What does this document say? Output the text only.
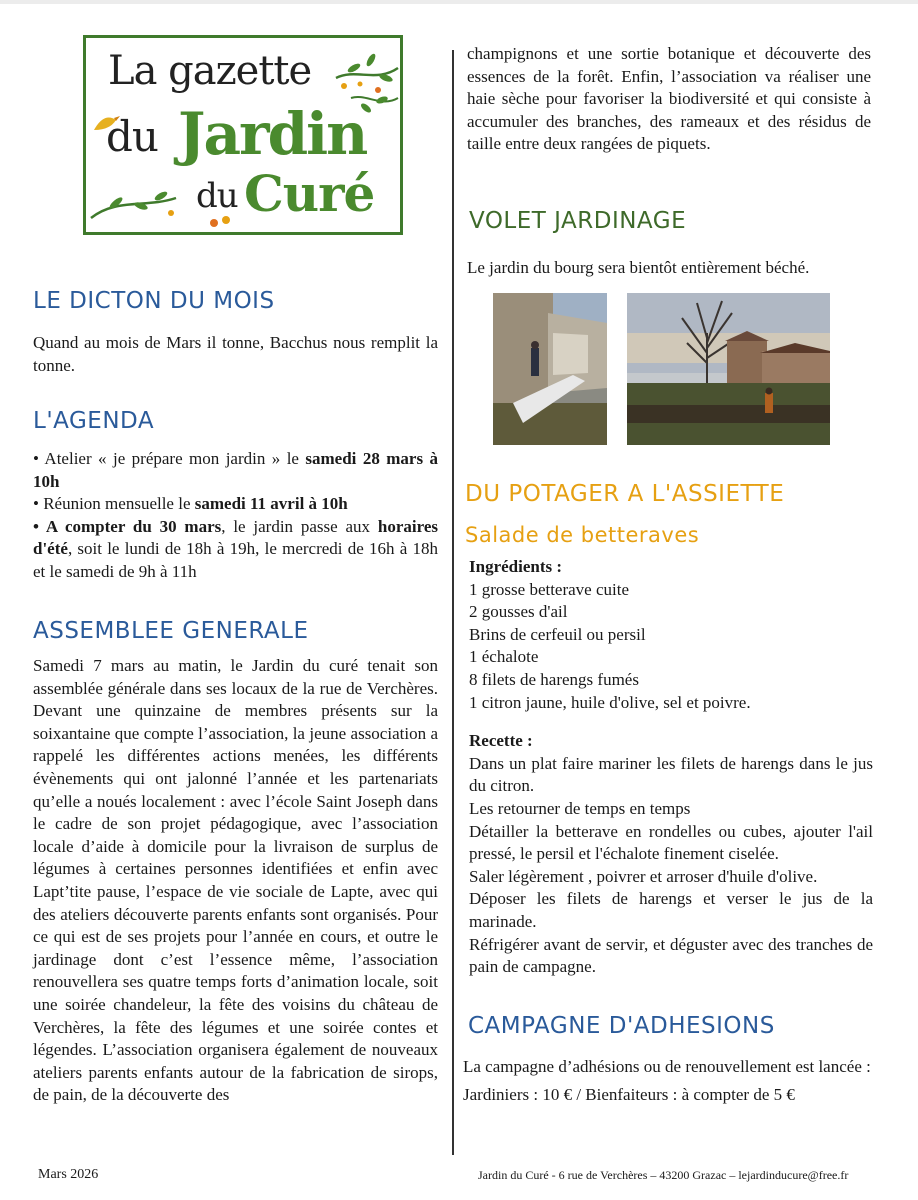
La gazette
du Jardin
du Curé
LE DICTON DU MOIS

Quand au mois de Mars il tonne, Bacchus nous remplit la tonne.

L'AGENDA

• Atelier « je prépare mon jardin » le samedi 28 mars à 10h

• Réunion mensuelle le samedi 11 avril à 10h

• A compter du 30 mars, le jardin passe aux horaires d'été, soit le lundi de 18h à 19h, le mercredi de 16h à 18h et le samedi de 9h à 11h

ASSEMBLEE GENERALE

Samedi 7 mars au matin, le Jardin du curé tenait son assemblée générale dans ses locaux de la rue de Verchères. Devant une quinzaine de membres présents sur la soixantaine que compte l’association, la jeune association a rappelé les différentes actions menées, les différents évènements qui ont jalonné l’année et les partenariats qu’elle a noués localement : avec l’école Saint Joseph dans le cadre de son projet pédagogique, avec l’association locale d’aide à domicile pour la livraison de surplus de légumes à certaines personnes identifiées et enfin avec Lapt’tite pause, l’espace de vie sociale de Lapte, avec qui des ateliers découverte parents enfants sont organisés. Pour ce qui est de ses projets pour l’année en cours, et outre le jardinage dont c’est l’essence même, l’association renouvellera ses quatre temps forts d’animation locale, soit une soirée chandeleur, la fête des voisins du château de Verchères, la fête des légumes et une soirée contes et légendes. L’association organisera également de nouveaux ateliers parents enfants autour de la fabrication de sirops, de pain, de la découverte des

champignons et une sortie botanique et découverte des essences de la forêt. Enfin, l’association va réaliser une haie sèche pour favoriser la biodiversité et qui consiste à accumuler des branches, des rameaux et des résidus de taille entre deux rangées de piquets.

VOLET JARDINAGE

Le jardin du bourg sera bientôt entièrement béché.

DU POTAGER A L'ASSIETTE
Salade de betteraves
Ingrédients :
1 grosse betterave cuite
2 gousses d'ail
Brins de cerfeuil ou persil
1 échalote
8 filets de harengs fumés
1 citron jaune, huile d'olive, sel et poivre.
Recette :
Dans un plat faire mariner les filets de harengs dans le jus du citron.
Les retourner de temps en temps
Détailler la betterave en rondelles ou cubes, ajouter l'ail pressé, le persil et l'échalote finement ciselée.
Saler légèrement , poivrer et arroser d'huile d'olive.
Déposer les filets de harengs et verser le jus de la marinade.
Réfrigérer avant de servir, et déguster avec des tranches de pain de campagne.
CAMPAGNE D'ADHESIONS

La campagne d’adhésions ou de renouvellement est lancée :

Jardiniers : 10 € / Bienfaiteurs : à compter de 5 €

Mars 2026	Jardin du Curé - 6 rue de Verchères – 43200 Grazac – lejardinducure@free.fr
